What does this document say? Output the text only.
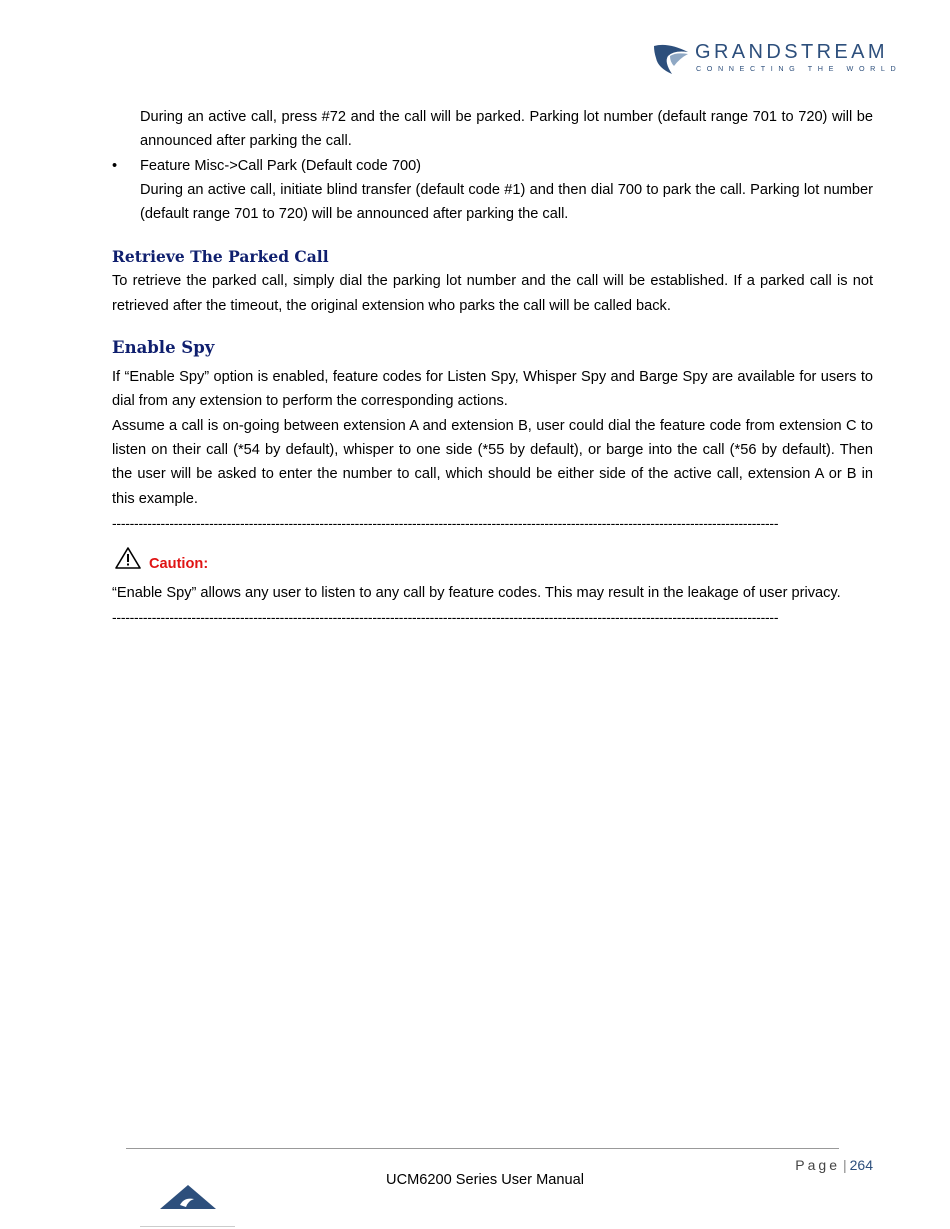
GRANDSTREAM
CONNECTING THE WORLD

During an active call, press #72 and the call will be parked. Parking lot number (default range 701 to 720) will be announced after parking the call.

• Feature Misc->Call Park (Default code 700)

During an active call, initiate blind transfer (default code #1) and then dial 700 to park the call. Parking lot number (default range 701 to 720) will be announced after parking the call.

Retrieve The Parked Call

To retrieve the parked call, simply dial the parking lot number and the call will be established. If a parked call is not retrieved after the timeout, the original extension who parks the call will be called back.

Enable Spy

If “Enable Spy” option is enabled, feature codes for Listen Spy, Whisper Spy and Barge Spy are available for users to dial from any extension to perform the corresponding actions.

Assume a call is on-going between extension A and extension B, user could dial the feature code from extension C to listen on their call (*54 by default), whisper to one side (*55 by default), or barge into the call (*56 by default). Then the user will be asked to enter the number to call, which should be either side of the active call, extension A or B in this example.

-------------------------------------------------------------------------------------------------------------------------------------------------------
Caution:

“Enable Spy” allows any user to listen to any call by feature codes. This may result in the leakage of user privacy.

-------------------------------------------------------------------------------------------------------------------------------------------------------
Page | 264
UCM6200 Series User Manual
